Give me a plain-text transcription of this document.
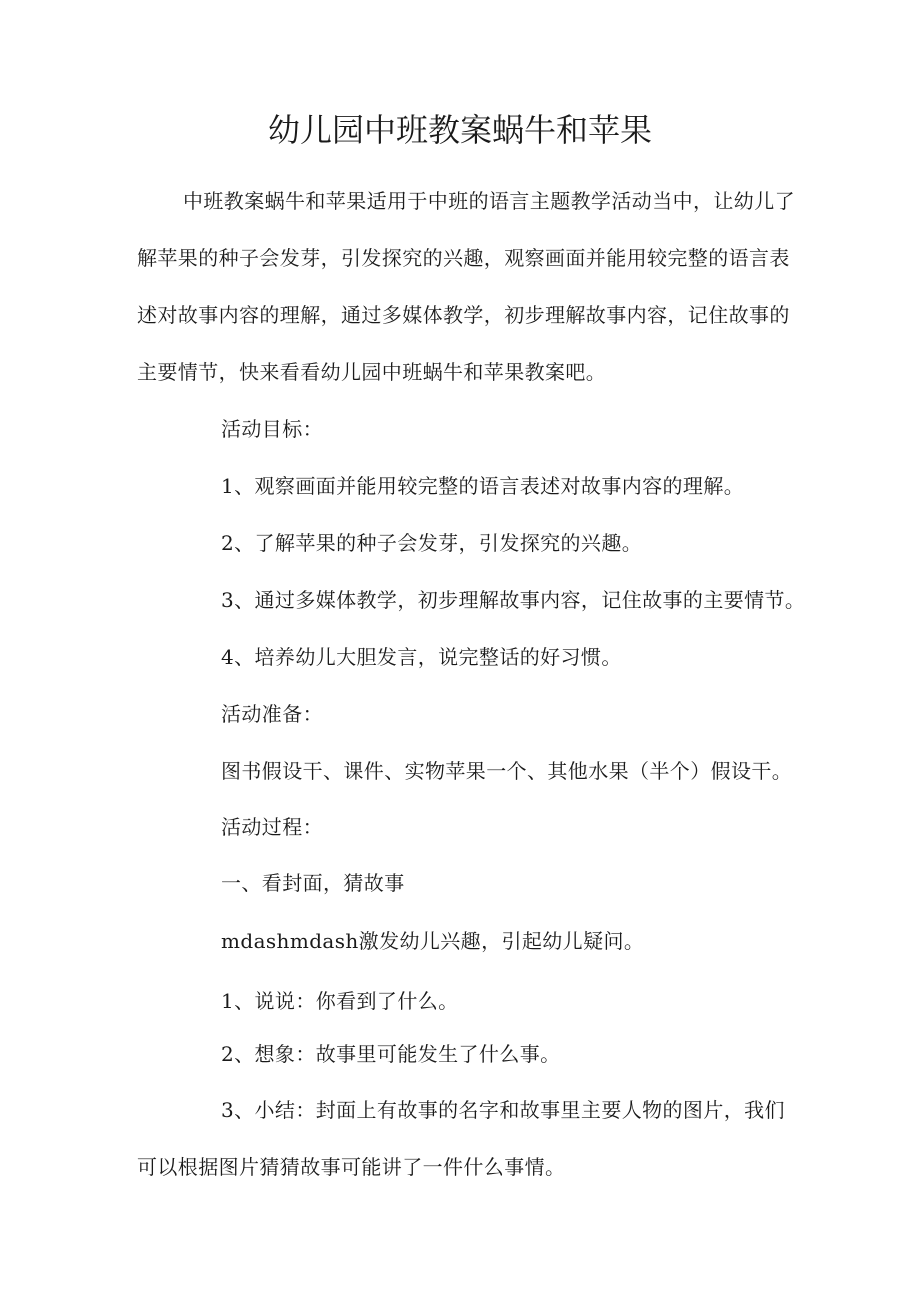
幼儿园中班教案蜗牛和苹果
中班教案蜗牛和苹果适用于中班的语言主题教学活动当中，让幼儿了
解苹果的种子会发芽，引发探究的兴趣，观察画面并能用较完整的语言表
述对故事内容的理解，通过多媒体教学，初步理解故事内容，记住故事的
主要情节，快来看看幼儿园中班蜗牛和苹果教案吧。
活动目标：
1、观察画面并能用较完整的语言表述对故事内容的理解。
2、了解苹果的种子会发芽，引发探究的兴趣。
3、通过多媒体教学，初步理解故事内容，记住故事的主要情节。
4、培养幼儿大胆发言，说完整话的好习惯。
活动准备：
图书假设干、课件、实物苹果一个、其他水果（半个）假设干。
活动过程：
一、看封面，猜故事
mdashmdash激发幼儿兴趣，引起幼儿疑问。
1、说说：你看到了什么。
2、想象：故事里可能发生了什么事。
3、小结：封面上有故事的名字和故事里主要人物的图片，我们
可以根据图片猜猜故事可能讲了一件什么事情。
